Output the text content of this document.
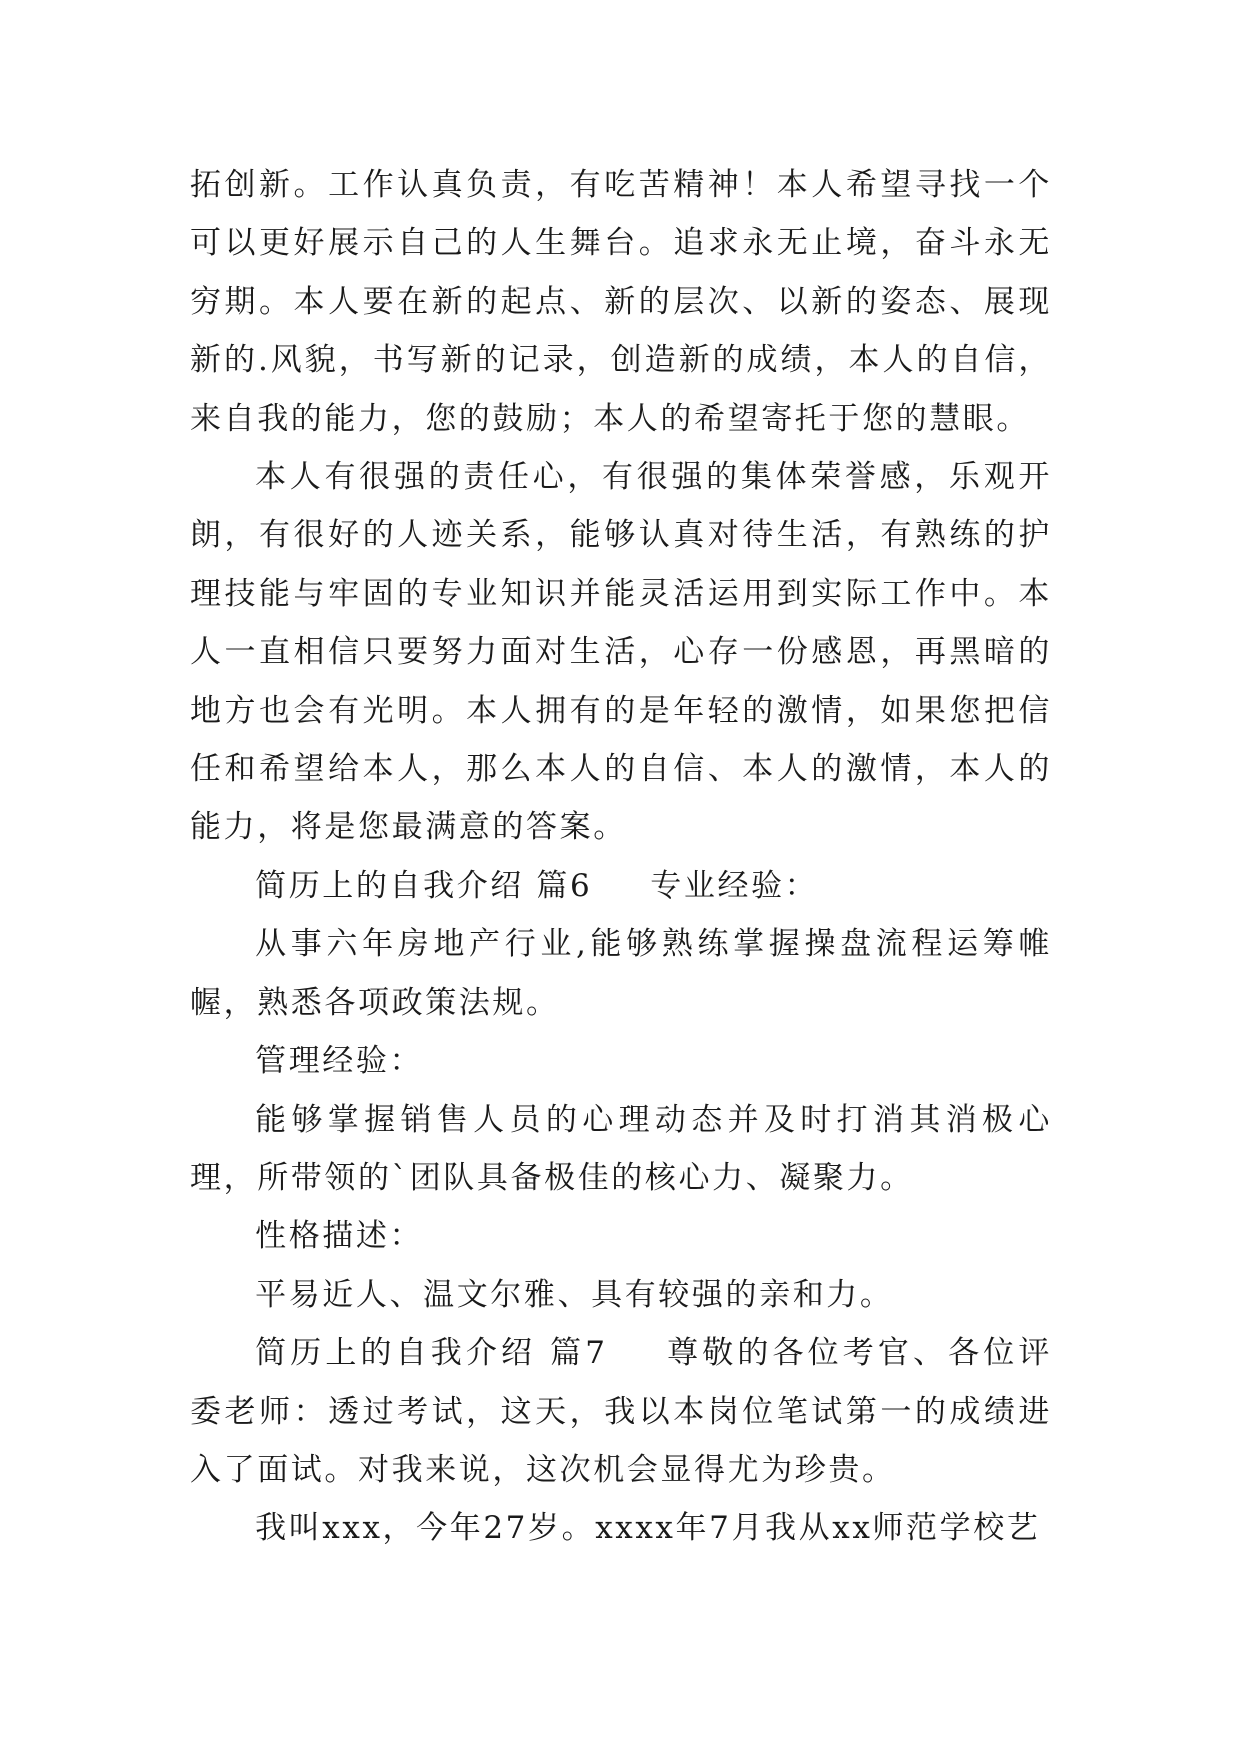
拓创新。工作认真负责，有吃苦精神！本人希望寻找一个可以更好展示自己的人生舞台。追求永无止境，奋斗永无穷期。本人要在新的起点、新的层次、以新的姿态、展现新的.风貌，书写新的记录，创造新的成绩，本人的自信，来自我的能力，您的鼓励；本人的希望寄托于您的慧眼。

本人有很强的责任心，有很强的集体荣誉感，乐观开朗，有很好的人迹关系，能够认真对待生活，有熟练的护理技能与牢固的专业知识并能灵活运用到实际工作中。本人一直相信只要努力面对生活，心存一份感恩，再黑暗的地方也会有光明。本人拥有的是年轻的激情，如果您把信任和希望给本人，那么本人的自信、本人的激情，本人的能力，将是您最满意的答案。

简历上的自我介绍 篇6 专业经验：

从事六年房地产行业,能够熟练掌握操盘流程运筹帷幄，熟悉各项政策法规。

管理经验：

能够掌握销售人员的心理动态并及时打消其消极心理，所带领的`团队具备极佳的核心力、凝聚力。

性格描述：

平易近人、温文尔雅、具有较强的亲和力。

简历上的自我介绍 篇7 尊敬的各位考官、各位评委老师：透过考试，这天，我以本岗位笔试第一的成绩进入了面试。对我来说，这次机会显得尤为珍贵。

我叫xxx，今年27岁。xxxx年7月我从xx师范学校艺
